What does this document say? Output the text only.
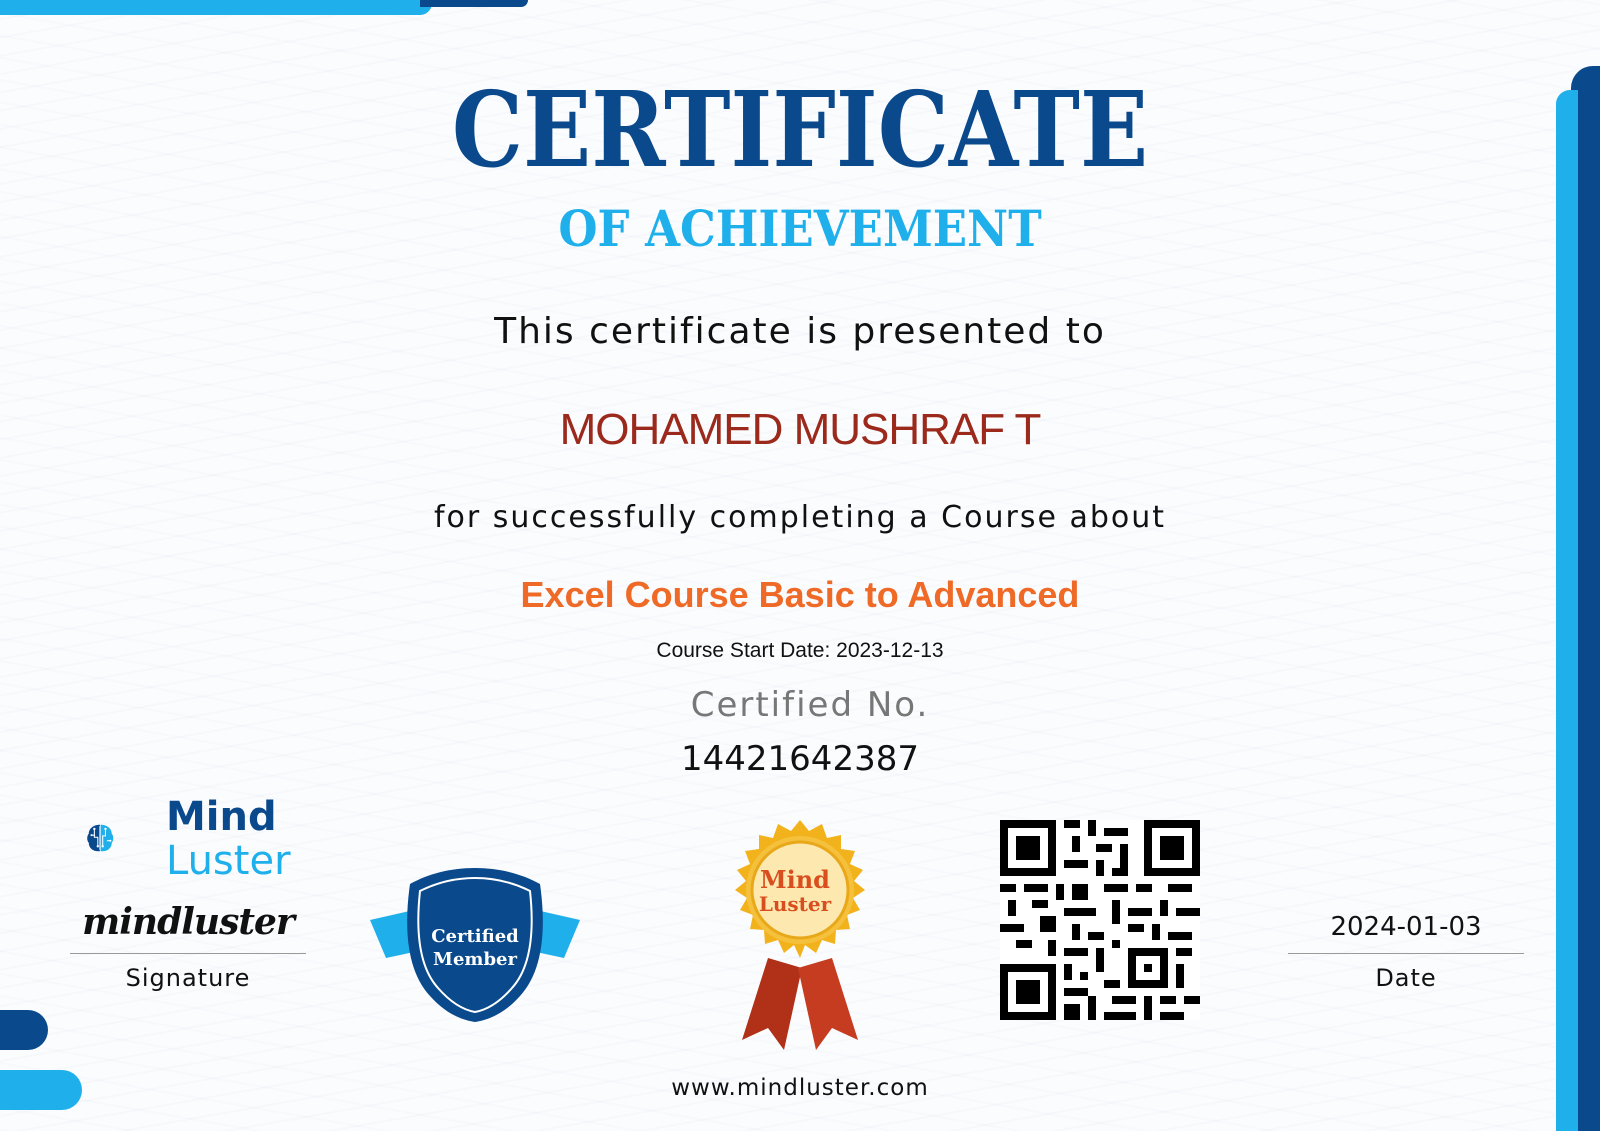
CERTIFICATE
OF ACHIEVEMENT
This certificate is presented to
MOHAMED MUSHRAF T
for successfully completing a Course about
Excel Course Basic to Advanced
Course Start Date: 2023-12-13
Certified No.
14421642387
Mind
Luster
mindluster
Signature
Certified
Member
Mind
Luster
2024-01-03
Date
www.mindluster.com
